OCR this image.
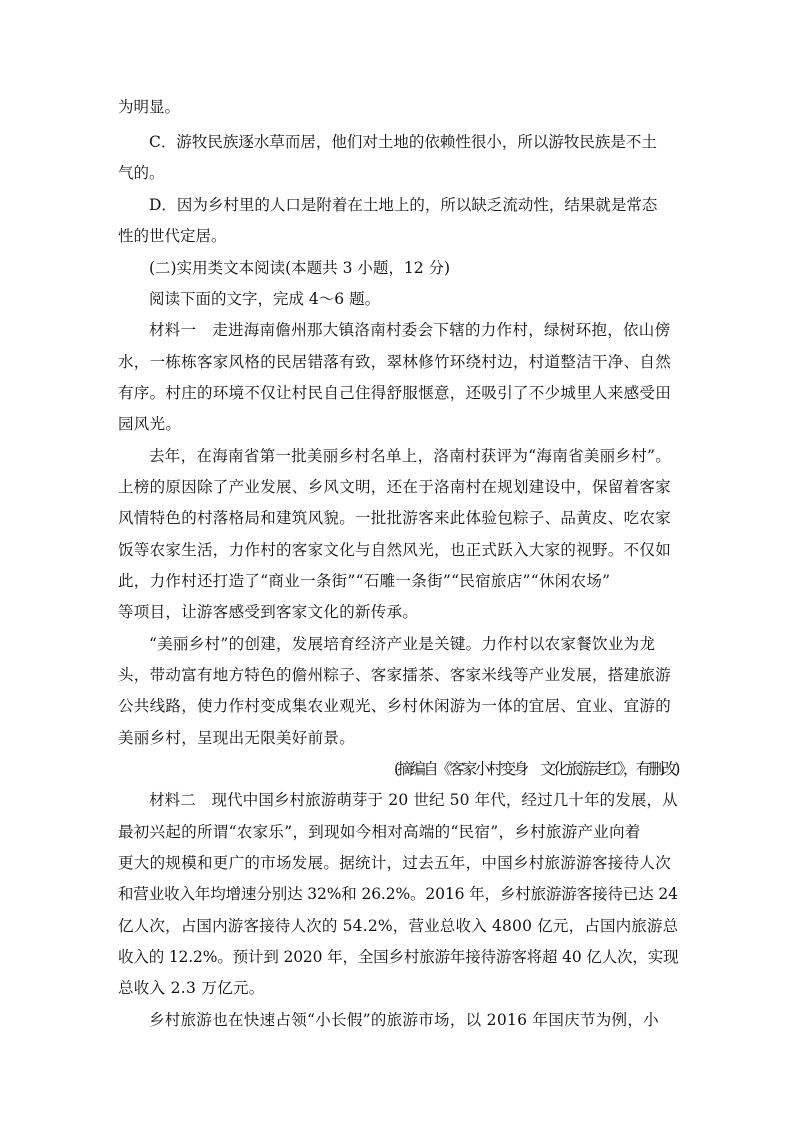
为明显。
C．游牧民族逐水草而居，他们对土地的依赖性很小，所以游牧民族是不土
气的。
D．因为乡村里的人口是附着在土地上的，所以缺乏流动性，结果就是常态
性的世代定居。
(二)实用类文本阅读(本题共 3 小题，12 分)
阅读下面的文字，完成 4～6 题。
材料一　走进海南儋州那大镇洛南村委会下辖的力作村，绿树环抱，依山傍
水，一栋栋客家风格的民居错落有致，翠林修竹环绕村边，村道整洁干净、自然
有序。村庄的环境不仅让村民自己住得舒服惬意，还吸引了不少城里人来感受田
园风光。
去年，在海南省第一批美丽乡村名单上，洛南村获评为“海南省美丽乡村”。
上榜的原因除了产业发展、乡风文明，还在于洛南村在规划建设中，保留着客家
风情特色的村落格局和建筑风貌。一批批游客来此体验包粽子、品黄皮、吃农家
饭等农家生活，力作村的客家文化与自然风光，也正式跃入大家的视野。不仅如
此，力作村还打造了“商业一条街”“石雕一条街”“民宿旅店”“休闲农场”
等项目，让游客感受到客家文化的新传承。
“美丽乡村”的创建，发展培育经济产业是关键。力作村以农家餐饮业为龙
头，带动富有地方特色的儋州粽子、客家擂茶、客家米线等产业发展，搭建旅游
公共线路，使力作村变成集农业观光、乡村休闲游为一体的宜居、宜业、宜游的
美丽乡村，呈现出无限美好前景。
(摘编自《客家小村变身 文化旅游走红》，有删改)
材料二　现代中国乡村旅游萌芽于 20 世纪 50 年代，经过几十年的发展，从
最初兴起的所谓“农家乐”，到现如今相对高端的“民宿”，乡村旅游产业向着
更大的规模和更广的市场发展。据统计，过去五年，中国乡村旅游游客接待人次
和营业收入年均增速分别达 32%和 26.2%。2016 年，乡村旅游游客接待已达 24
亿人次，占国内游客接待人次的 54.2%，营业总收入 4800 亿元，占国内旅游总
收入的 12.2%。预计到 2020 年，全国乡村旅游年接待游客将超 40 亿人次，实现
总收入 2.3 万亿元。
乡村旅游也在快速占领“小长假”的旅游市场，以 2016 年国庆节为例，小
